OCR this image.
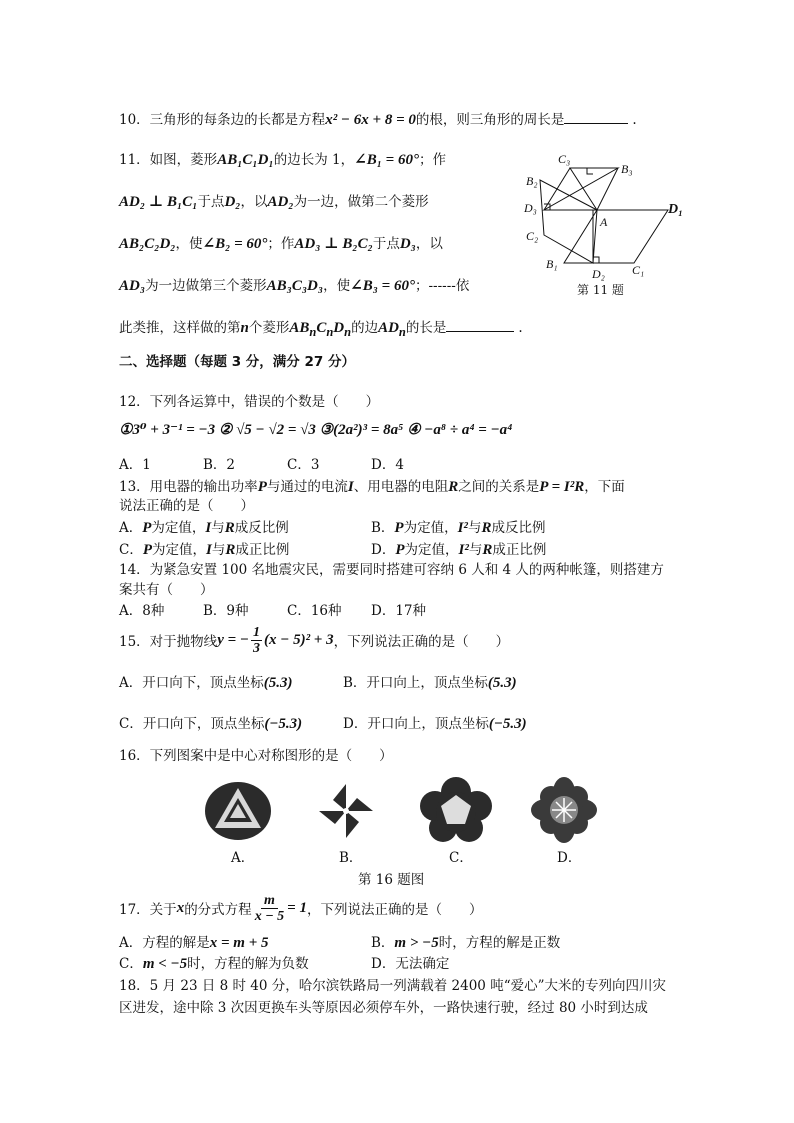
10．三角形的每条边的长都是方程x² − 6x + 8 = 0的根，则三角形的周长是	.
11．如图，菱形AB₁C₁D₁的边长为 1，∠B₁ = 60°；作
AD₂ ⊥ B₁C₁于点D₂，以AD₂为一边，做第二个菱形
AB₂C₂D₂，使∠B₂ = 60°；作AD₃ ⊥ B₂C₂于点D₃，以
AD₃为一边做第三个菱形AB₃C₃D₃，使∠B₃ = 60°；------依
此类推，这样做的第n个菱形$AB_nC_nD_n$的边$AD_n$的长是	.
C₃
B₃
B₂
D₃	D₁
A
C₂
B₁
D₂ C₁
第 11 题
二、选择题（每题 3 分，满分 27 分）
12．下列各运算中，错误的个数是（　　）
①3⁰ + 3⁻¹ = −3 ② √5 − √2 = √3 ③(2a²)³ = 8a⁵ ④ −a⁸ ÷ a⁴ = −a⁴
A．1	B．2	C．3	D．4
13．用电器的输出功率P与通过的电流I、用电器的电阻R之间的关系是P = I²R，下面
说法正确的是（　　）
A．P为定值，I与R成反比例	B．P为定值，I²与R成反比例
C．P为定值，I与R成正比例	D．P为定值，I²与R成正比例
14．为紧急安置 100 名地震灾民，需要同时搭建可容纳 6 人和 4 人的两种帐篷，则搭建方
案共有（　　）
A．8种	B．9种	C．16种 D．17种
15．对于抛物线 y = − $\frac{1}{3} (x - 5)^2 + 3$ ，下列说法正确的是（　　）
A．开口向下，顶点坐标(5.3)	B．开口向上，顶点坐标(5.3)
C．开口向下，顶点坐标(−5.3)	D．开口向上，顶点坐标(−5.3)
16．下列图案中是中心对称图形的是（　　）
A．	B．	C．	D．
第 16 题图
17．关于 x 的分式方程 $\frac{m}{x - 5} = 1$ ，下列说法正确的是（　　）
A．方程的解是x = m + 5	B．m > −5时，方程的解是正数
C．m < −5时，方程的解为负数	D．无法确定
18．5 月 23 日 8 时 40 分，哈尔滨铁路局一列满载着 2400 吨“爱心”大米的专列向四川灾
区进发，途中除 3 次因更换车头等原因必须停车外，一路快速行驶，经过 80 小时到达成
